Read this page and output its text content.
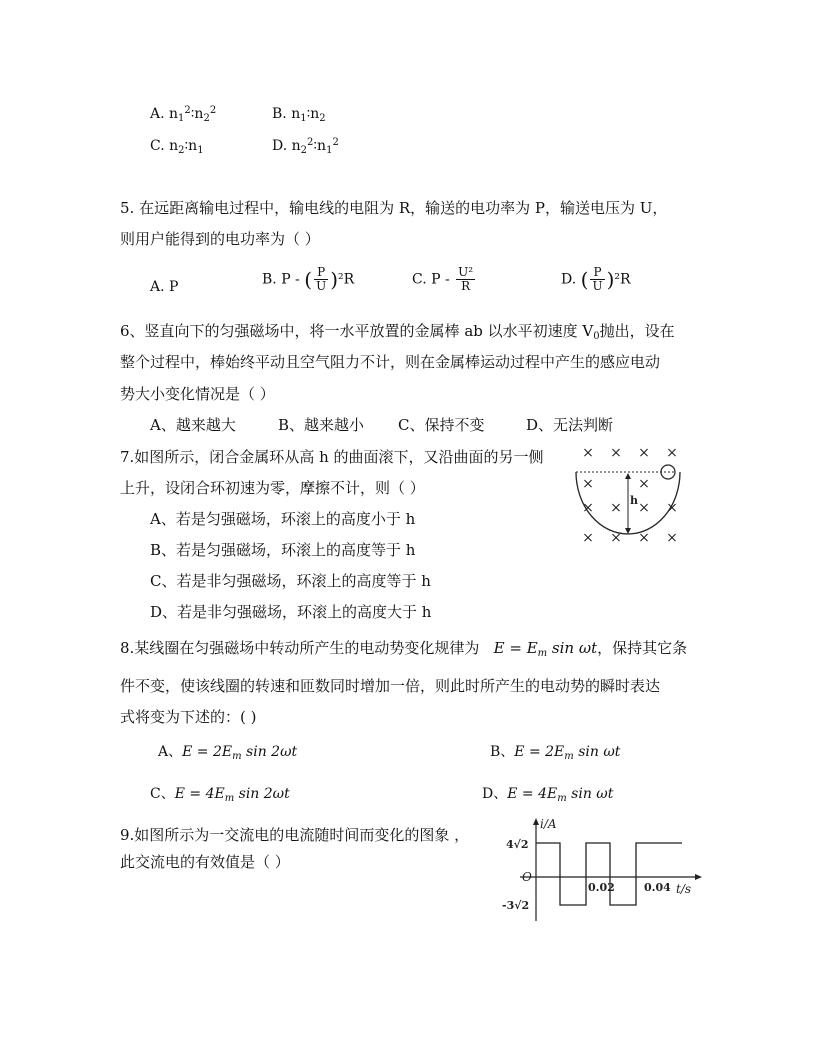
A. $n_1^2∶n_2^2$	B. $n_1∶n_2$
C. $n_2∶n_1$	D. $n_2^2∶n_1^2$
5. 在远距离输电过程中，输电线的电阻为 R，输送的电功率为 P，输送电压为 U，
则用户能得到的电功率为（ ）
A. P	B. P - ( $\frac{P}{U} )^2R$	C. P - $\frac{\text{U²}}{R}$	D. ( $\frac{P}{U} )^2R$
6、竖直向下的匀强磁场中，将一水平放置的金属棒 ab 以水平初速度 $V_0$抛出，设在
整个过程中，棒始终平动且空气阻力不计，则在金属棒运动过程中产生的感应电动
势大小变化情况是（ ）
A、越来越大	B、越来越小 C、保持不变	D、无法判断
7.如图所示，闭合金属环从高 h 的曲面滚下，又沿曲面的另一侧
上升，设闭合环初速为零，摩擦不计，则（ ）
A、若是匀强磁场，环滚上的高度小于 h
B、若是匀强磁场，环滚上的高度等于 h
C、若是非匀强磁场，环滚上的高度等于 h
D、若是非匀强磁场，环滚上的高度大于 h
× × × ×
×	×
× × × ×
× × × ×
h
8.某线圈在匀强磁场中转动所产生的电动势变化规律为 $E = E_m$ sin ωt，保持其它条
件不变，使该线圈的转速和匝数同时增加一倍，则此时所产生的电动势的瞬时表达
式将变为下述的：( )
A、$E = 2E_m$ sin 2ωt	B、$E = 2E_m$ sin ωt
C、$E = 4E_m$ sin 2ωt	D、$E = 4E_m$ sin ωt
9.如图所示为一交流电的电流随时间而变化的图象 ，
此交流电的有效值是（ ）
i/A
4√2
O
-3√2
0.02	0.04 t/s
